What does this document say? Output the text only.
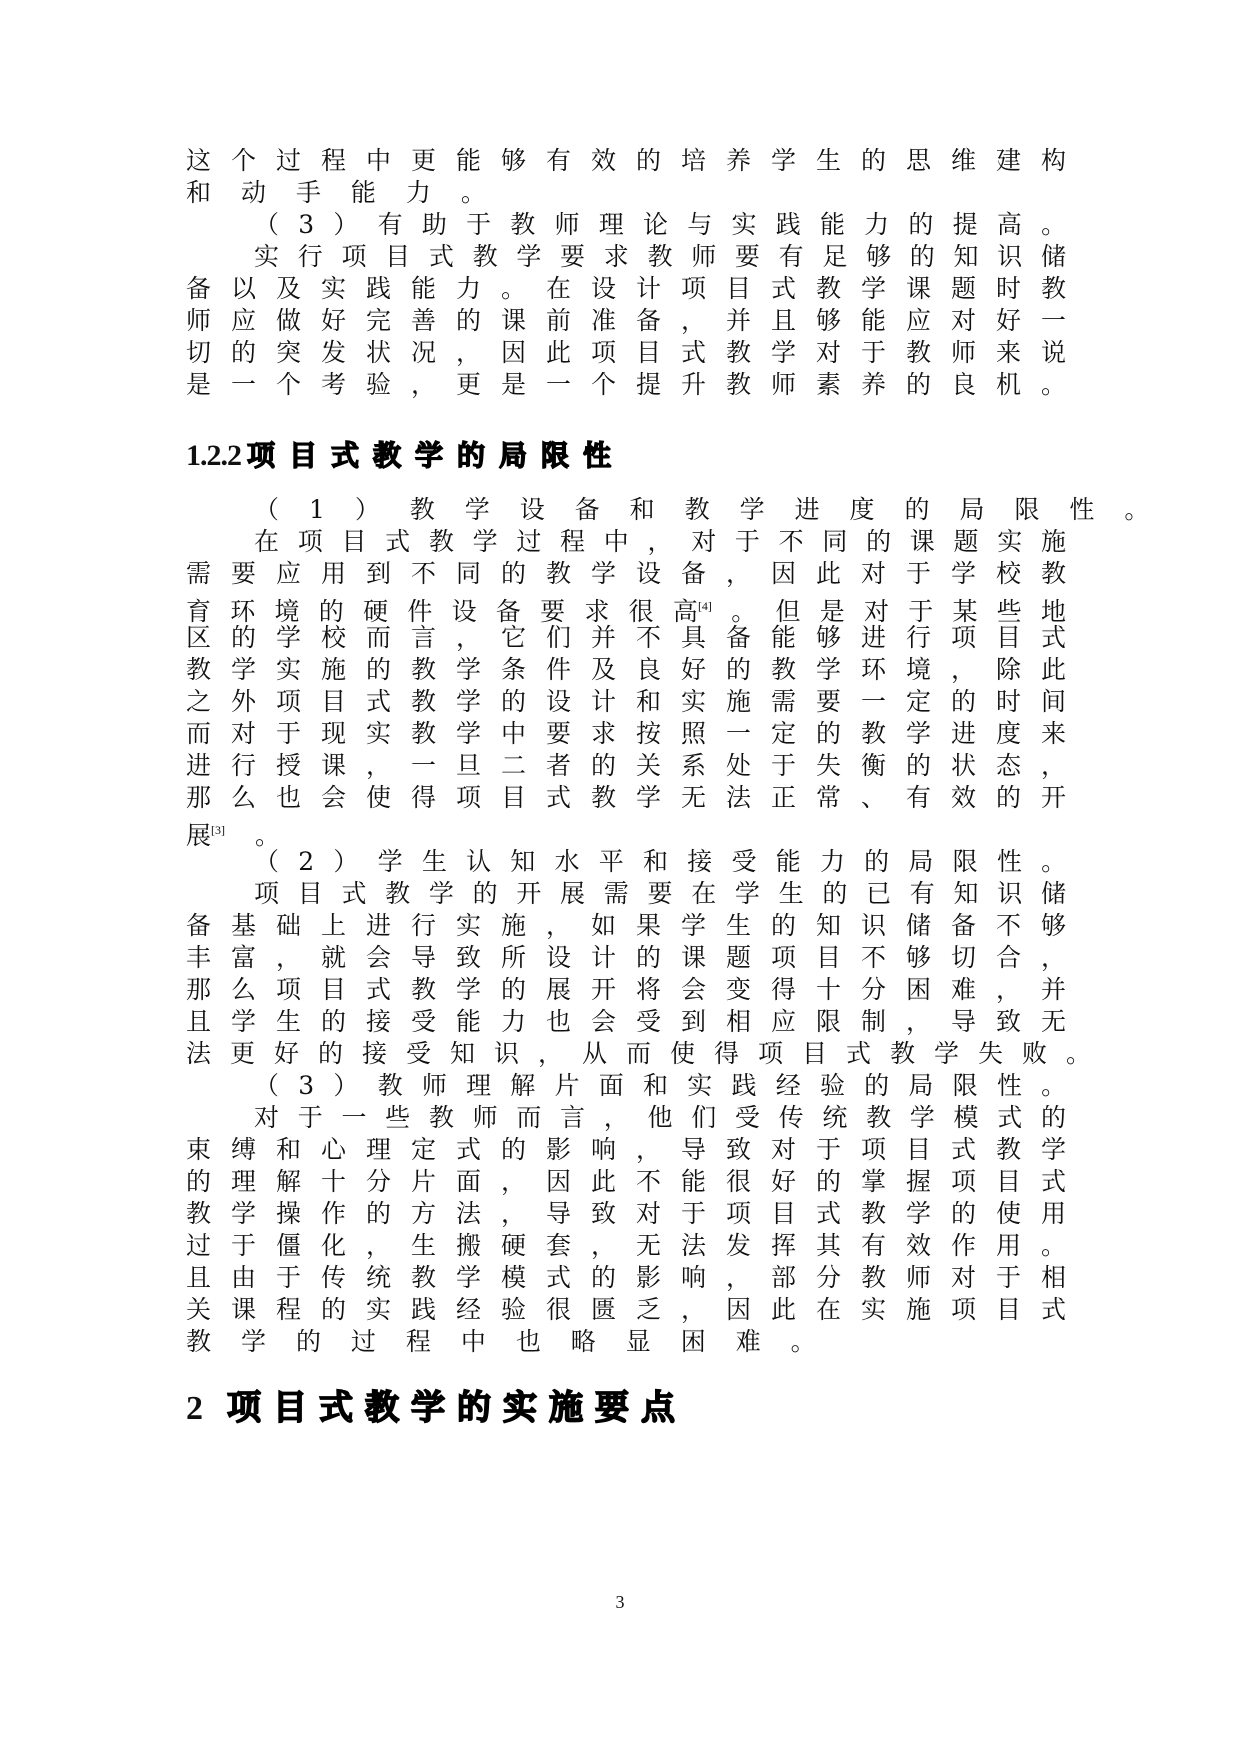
这 个 过 程 中 更 能 够 有 效 的 培 养 学 生 的 思 维 建 构
和 动 手 能 力 。
（ 3 ） 有 助 于 教 师 理 论 与 实 践 能 力 的 提 高 。
实 行 项 目 式 教 学 要 求 教 师 要 有 足 够 的 知 识 储
备 以 及 实 践 能 力 。 在 设 计 项 目 式 教 学 课 题 时 教
师 应 做 好 完 善 的 课 前 准 备 ， 并 且 够 能 应 对 好 一
切 的 突 发 状 况 ， 因 此 项 目 式 教 学 对 于 教 师 来 说
是 一 个 考 验 ， 更 是 一 个 提 升 教 师 素 养 的 良 机 。
（ 1 ） 教 学 设 备 和 教 学 进 度 的 局 限 性 。
在 项 目 式 教 学 过 程 中 ， 对 于 不 同 的 课 题 实 施
需 要 应 用 到 不 同 的 教 学 设 备 ， 因 此 对 于 学 校 教
育 环 境 的 硬 件 设 备 要 求 很 高[4] 。 但 是 对 于 某 些 地
区 的 学 校 而 言 ， 它 们 并 不 具 备 能 够 进 行 项 目 式
教 学 实 施 的 教 学 条 件 及 良 好 的 教 学 环 境 ， 除 此
之 外 项 目 式 教 学 的 设 计 和 实 施 需 要 一 定 的 时 间
而 对 于 现 实 教 学 中 要 求 按 照 一 定 的 教 学 进 度 来
进 行 授 课 ， 一 旦 二 者 的 关 系 处 于 失 衡 的 状 态 ，
那 么 也 会 使 得 项 目 式 教 学 无 法 正 常 、 有 效 的 开
展[3] 。
（ 2 ） 学 生 认 知 水 平 和 接 受 能 力 的 局 限 性 。
项 目 式 教 学 的 开 展 需 要 在 学 生 的 已 有 知 识 储
备 基 础 上 进 行 实 施 ， 如 果 学 生 的 知 识 储 备 不 够
丰 富 ， 就 会 导 致 所 设 计 的 课 题 项 目 不 够 切 合 ，
那 么 项 目 式 教 学 的 展 开 将 会 变 得 十 分 困 难 ， 并
且 学 生 的 接 受 能 力 也 会 受 到 相 应 限 制 ， 导 致 无
法 更 好 的 接 受 知 识 ， 从 而 使 得 项 目 式 教 学 失 败 。
（ 3 ） 教 师 理 解 片 面 和 实 践 经 验 的 局 限 性 。
对 于 一 些 教 师 而 言 ， 他 们 受 传 统 教 学 模 式 的
束 缚 和 心 理 定 式 的 影 响 ， 导 致 对 于 项 目 式 教 学
的 理 解 十 分 片 面 ， 因 此 不 能 很 好 的 掌 握 项 目 式
教 学 操 作 的 方 法 ， 导 致 对 于 项 目 式 教 学 的 使 用
过 于 僵 化 ， 生 搬 硬 套 ， 无 法 发 挥 其 有 效 作 用 。
且 由 于 传 统 教 学 模 式 的 影 响 ， 部 分 教 师 对 于 相
关 课 程 的 实 践 经 验 很 匮 乏 ， 因 此 在 实 施 项 目 式
教 学 的 过 程 中 也 略 显 困 难 。
1.2.2 项目式教学的局限性
2 项目式教学的实施要点
3
